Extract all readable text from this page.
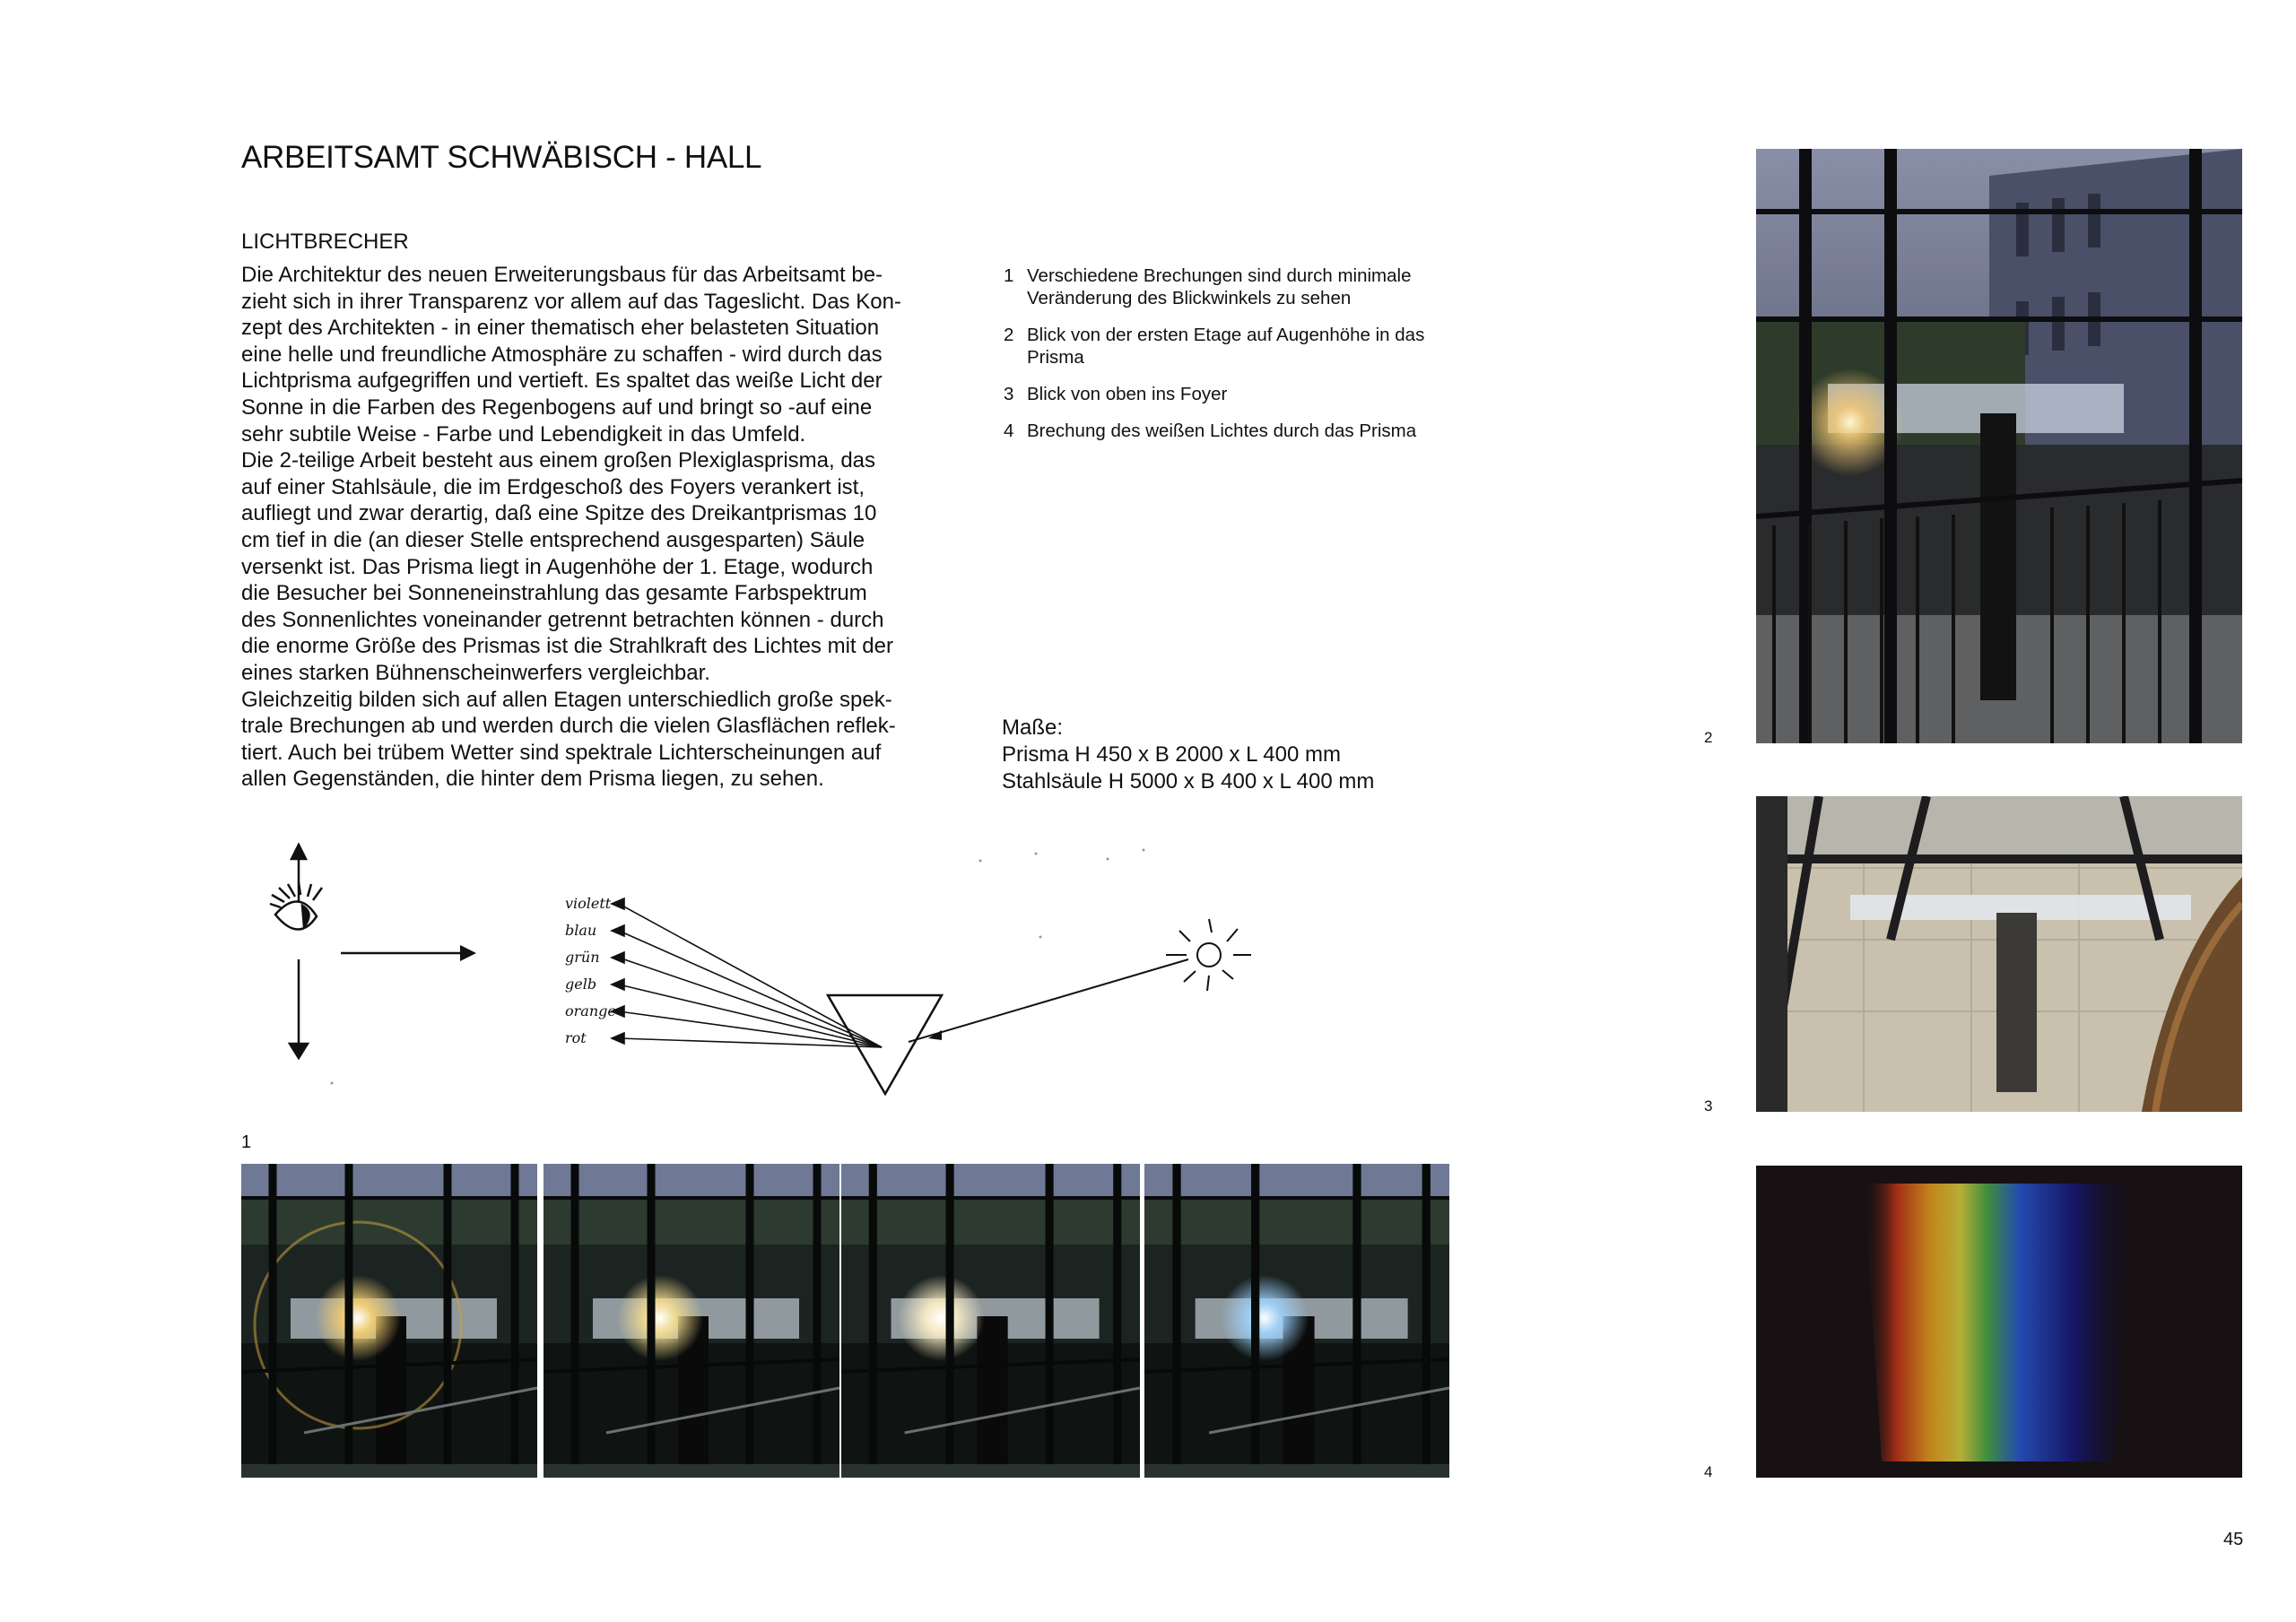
ARBEITSAMT SCHWÄBISCH - HALL
LICHTBRECHER

Die Architektur des neuen Erweiterungsbaus für das Arbeitsamt be-

zieht sich in ihrer Transparenz vor allem auf das Tageslicht. Das Kon-

zept des Architekten - in einer thematisch eher belasteten Situation

eine helle und freundliche Atmosphäre zu schaffen - wird durch das

Lichtprisma aufgegriffen und vertieft. Es spaltet das weiße Licht der

Sonne in die Farben des Regenbogens auf und bringt so -auf eine

sehr subtile Weise - Farbe und Lebendigkeit in das Umfeld.

Die 2-teilige Arbeit besteht aus einem großen Plexiglasprisma, das

auf einer Stahlsäule, die im Erdgeschoß des Foyers verankert ist,

aufliegt und zwar derartig, daß eine Spitze des Dreikantprismas 10

cm tief in die (an dieser Stelle entsprechend ausgesparten) Säule

versenkt ist. Das Prisma liegt in Augenhöhe der 1. Etage, wodurch

die Besucher bei Sonneneinstrahlung das gesamte Farbspektrum

des Sonnenlichtes voneinander getrennt betrachten können - durch

die enorme Größe des Prismas ist die Strahlkraft des Lichtes mit der

eines starken Bühnenscheinwerfers vergleichbar.

Gleichzeitig bilden sich auf allen Etagen unterschiedlich große spek-

trale Brechungen ab und werden durch die vielen Glasflächen reflek-

tiert. Auch bei trübem Wetter sind spektrale Lichterscheinungen auf

allen Gegenständen, die hinter dem Prisma liegen, zu sehen.

1 Verschiedene Brechungen sind durch minimale
Veränderung des Blickwinkels zu sehen
2 Blick von der ersten Etage auf Augenhöhe in das
Prisma
3 Blick von oben ins Foyer
4 Brechung des weißen Lichtes durch das Prisma
Maße:
Prisma H 450 x B 2000 x L 400 mm
Stahlsäule H 5000 x B 400 x L 400 mm
2
3
4
violett
blau
grün
gelb
orange
rot
1
45
